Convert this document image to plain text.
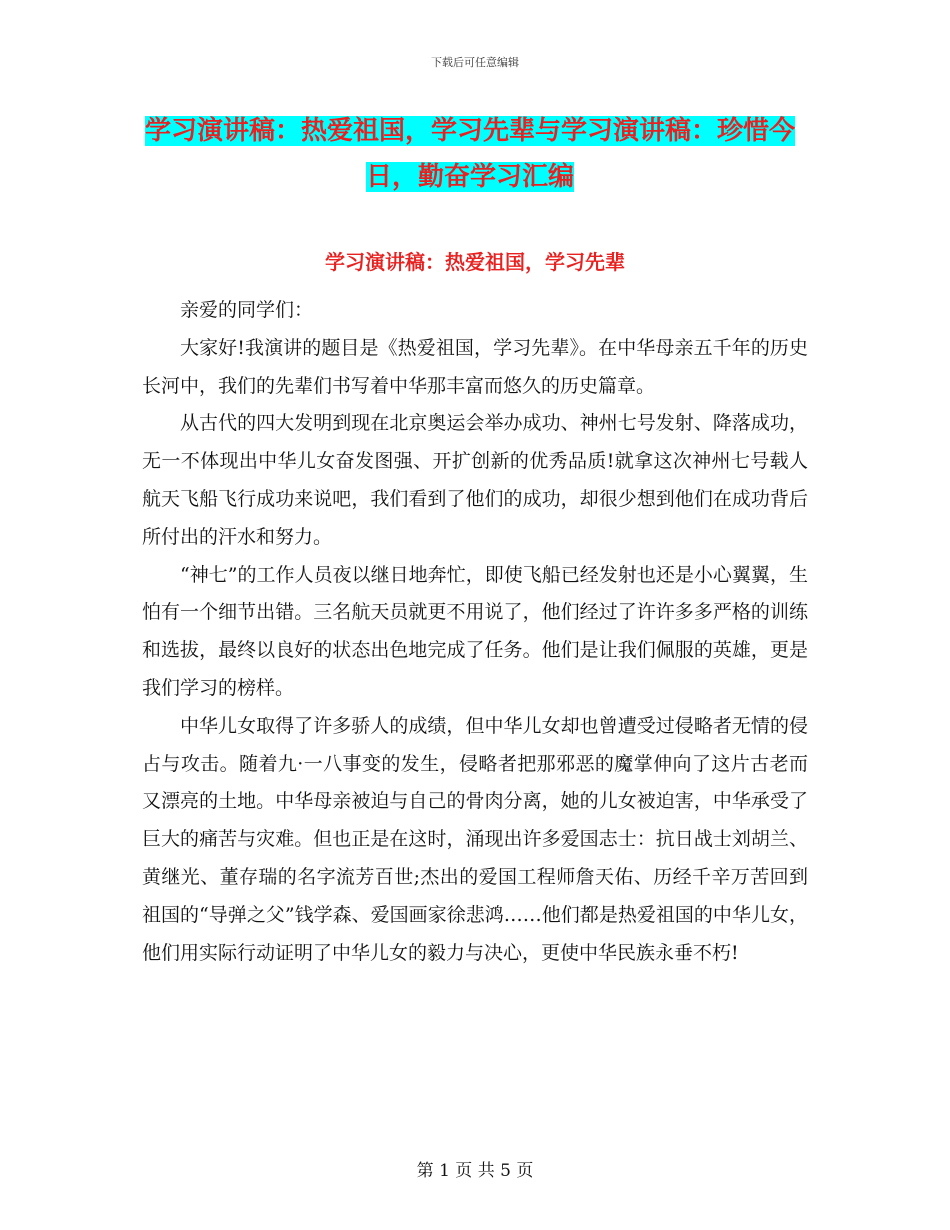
下载后可任意编辑
学习演讲稿：热爱祖国，学习先辈与学习演讲稿：珍惜今日，勤奋学习汇编
学习演讲稿：热爱祖国，学习先辈

亲爱的同学们：

大家好!我演讲的题目是《热爱祖国，学习先辈》。在中华母亲五千年的历史长河中，我们的先辈们书写着中华那丰富而悠久的历史篇章。

从古代的四大发明到现在北京奥运会举办成功、神州七号发射、降落成功，无一不体现出中华儿女奋发图强、开扩创新的优秀品质!就拿这次神州七号载人航天飞船飞行成功来说吧，我们看到了他们的成功，却很少想到他们在成功背后所付出的汗水和努力。

“神七”的工作人员夜以继日地奔忙，即使飞船已经发射也还是小心翼翼，生怕有一个细节出错。三名航天员就更不用说了，他们经过了许许多多严格的训练和选拔，最终以良好的状态出色地完成了任务。他们是让我们佩服的英雄，更是我们学习的榜样。

中华儿女取得了许多骄人的成绩，但中华儿女却也曾遭受过侵略者无情的侵占与攻击。随着九·一八事变的发生，侵略者把那邪恶的魔掌伸向了这片古老而又漂亮的土地。中华母亲被迫与自己的骨肉分离，她的儿女被迫害，中华承受了巨大的痛苦与灾难。但也正是在这时，涌现出许多爱国志士：抗日战士刘胡兰、黄继光、董存瑞的名字流芳百世;杰出的爱国工程师詹天佑、历经千辛万苦回到祖国的“导弹之父”钱学森、爱国画家徐悲鸿……他们都是热爱祖国的中华儿女，他们用实际行动证明了中华儿女的毅力与决心，更使中华民族永垂不朽!

第 1 页 共 5 页
